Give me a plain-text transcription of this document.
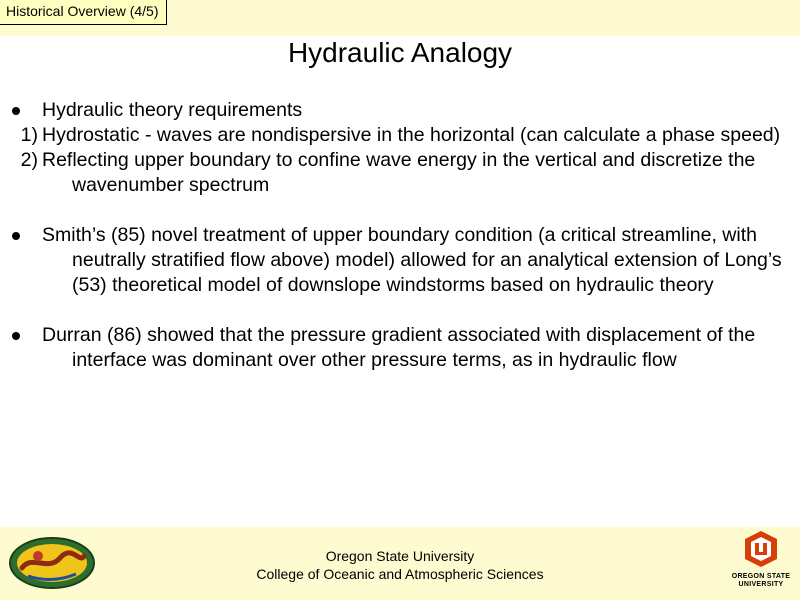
Historical Overview (4/5)
Hydraulic Analogy
Hydraulic theory requirements
1) Hydrostatic - waves are nondispersive in the horizontal (can calculate a phase speed)
2) Reflecting upper boundary to confine wave energy in the vertical and discretize the wavenumber spectrum
Smith’s (85) novel treatment of upper boundary condition (a critical streamline, with neutrally stratified flow above) model) allowed for an analytical extension of Long’s (53) theoretical model of downslope windstorms based on hydraulic theory
Durran (86) showed that the pressure gradient associated with displacement of the interface was dominant over other pressure terms, as in hydraulic flow
Oregon State University
College of Oceanic and Atmospheric Sciences	OREGON STATE
UNIVERSITY
